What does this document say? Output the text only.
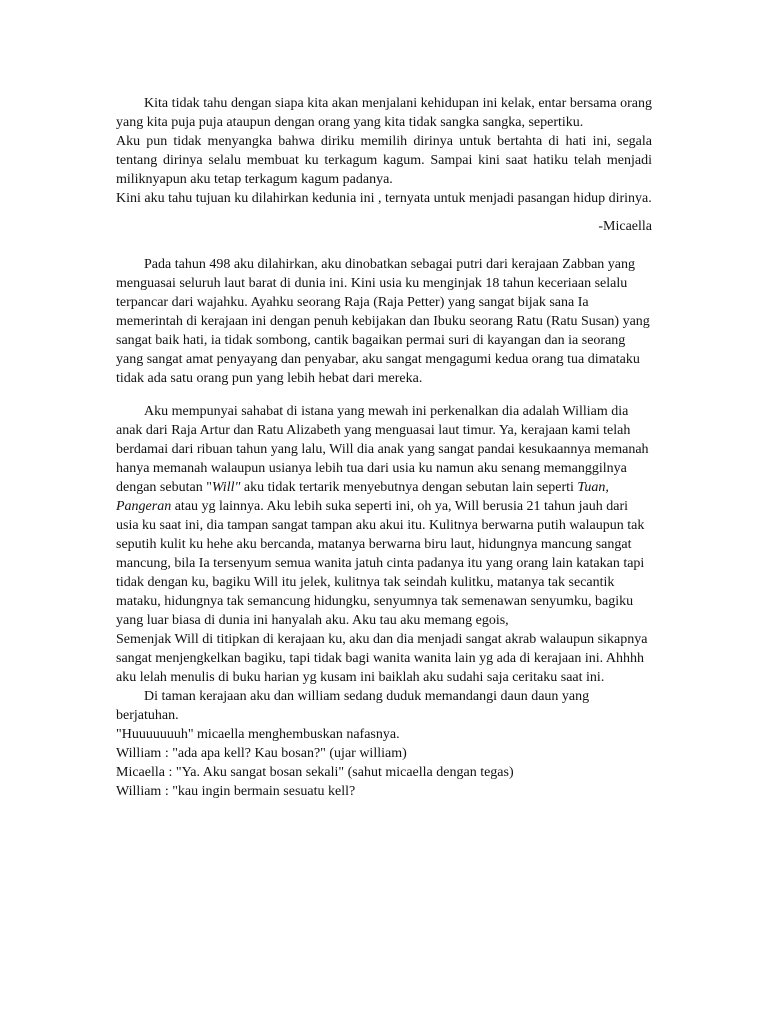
Kita tidak tahu dengan siapa kita akan menjalani kehidupan ini kelak, entar bersama orang yang kita puja puja ataupun dengan orang yang kita tidak sangka sangka, sepertiku.

Aku pun tidak menyangka bahwa diriku memilih dirinya untuk bertahta di hati ini, segala tentang dirinya selalu membuat ku terkagum kagum. Sampai kini saat hatiku telah menjadi miliknyapun aku tetap terkagum kagum padanya.

Kini aku tahu tujuan ku dilahirkan kedunia ini , ternyata untuk menjadi pasangan hidup dirinya.

-Micaella

Pada tahun 498 aku dilahirkan, aku dinobatkan sebagai putri dari kerajaan Zabban yang menguasai seluruh laut barat di dunia ini. Kini usia ku menginjak 18 tahun keceriaan selalu terpancar dari wajahku. Ayahku seorang Raja (Raja Petter) yang sangat bijak sana Ia memerintah di kerajaan ini dengan penuh kebijakan dan Ibuku seorang Ratu (Ratu Susan) yang sangat baik hati, ia tidak sombong, cantik bagaikan permai suri di kayangan dan ia seorang yang sangat amat penyayang dan penyabar, aku sangat mengagumi kedua orang tua dimataku tidak ada satu orang pun yang lebih hebat dari mereka.

Aku mempunyai sahabat di istana yang mewah ini perkenalkan dia adalah William dia anak dari Raja Artur dan Ratu Alizabeth yang menguasai laut timur. Ya, kerajaan kami telah berdamai dari ribuan tahun yang lalu, Will dia anak yang sangat pandai kesukaannya memanah hanya memanah walaupun usianya lebih tua dari usia ku namun aku senang memanggilnya dengan sebutan "Will" aku tidak tertarik menyebutnya dengan sebutan lain seperti Tuan, Pangeran atau yg lainnya. Aku lebih suka seperti ini, oh ya, Will berusia 21 tahun jauh dari usia ku saat ini, dia tampan sangat tampan aku akui itu. Kulitnya berwarna putih walaupun tak seputih kulit ku hehe aku bercanda, matanya berwarna biru laut, hidungnya mancung sangat mancung, bila Ia tersenyum semua wanita jatuh cinta padanya itu yang orang lain katakan tapi tidak dengan ku, bagiku Will itu jelek, kulitnya tak seindah kulitku, matanya tak secantik mataku, hidungnya tak semancung hidungku, senyumnya tak semenawan senyumku, bagiku yang luar biasa di dunia ini hanyalah aku. Aku tau aku memang egois,

Semenjak Will di titipkan di kerajaan ku, aku dan dia menjadi sangat akrab walaupun sikapnya sangat menjengkelkan bagiku, tapi tidak bagi wanita wanita lain yg ada di kerajaan ini. Ahhhh aku lelah menulis di buku harian yg kusam ini baiklah aku sudahi saja ceritaku saat ini.

Di taman kerajaan aku dan william sedang duduk memandangi daun daun yang berjatuhan.

"Huuuuuuuh" micaella menghembuskan nafasnya.

William : "ada apa kell? Kau bosan?" (ujar william)

Micaella : "Ya. Aku sangat bosan sekali" (sahut micaella dengan tegas)

William : "kau ingin bermain sesuatu kell?
